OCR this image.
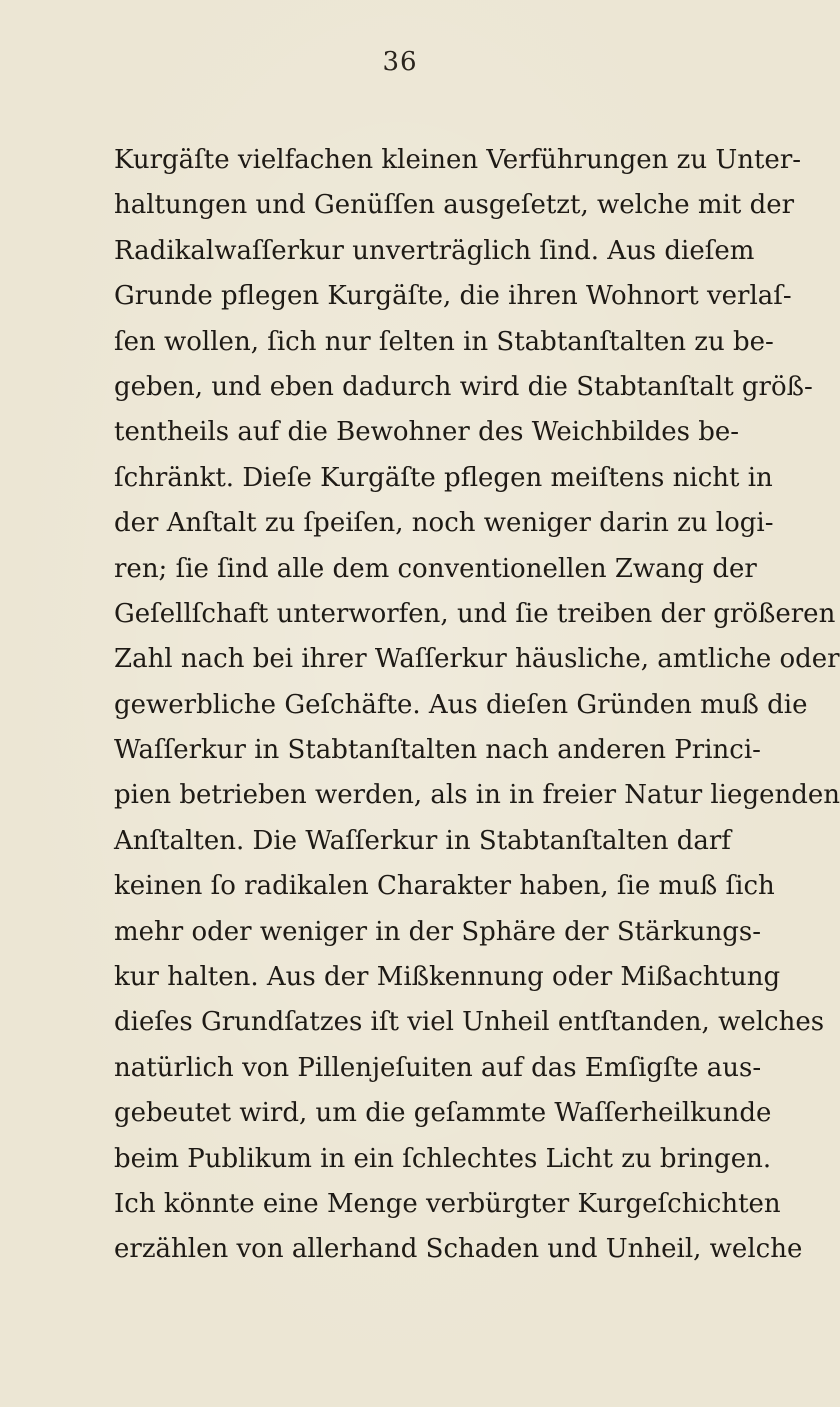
36
Kurgäſte vielfachen kleinen Verführungen zu Unter-
haltungen und Genüſſen ausgeſetzt, welche mit der
Radikalwaſſerkur unverträglich ſind. Aus dieſem
Grunde pflegen Kurgäſte, die ihren Wohnort verlaſ-
ſen wollen, ſich nur ſelten in Stabtanſtalten zu be-
geben, und eben dadurch wird die Stabtanſtalt größ-
tentheils auf die Bewohner des Weichbildes be-
ſchränkt. Dieſe Kurgäſte pflegen meiſtens nicht in
der Anſtalt zu ſpeiſen, noch weniger darin zu logi-
ren; ſie ſind alle dem conventionellen Zwang der
Geſellſchaft unterworfen, und ſie treiben der größeren
Zahl nach bei ihrer Waſſerkur häusliche, amtliche oder
gewerbliche Geſchäfte. Aus dieſen Gründen muß die
Waſſerkur in Stabtanſtalten nach anderen Princi-
pien betrieben werden, als in in freier Natur liegenden
Anſtalten. Die Waſſerkur in Stabtanſtalten darf
keinen ſo radikalen Charakter haben, ſie muß ſich
mehr oder weniger in der Sphäre der Stärkungs-
kur halten. Aus der Mißkennung oder Mißachtung
dieſes Grundſatzes iſt viel Unheil entſtanden, welches
natürlich von Pillenjeſuiten auf das Emſigſte aus-
gebeutet wird, um die geſammte Waſſerheilkunde
beim Publikum in ein ſchlechtes Licht zu bringen.
Ich könnte eine Menge verbürgter Kurgeſchichten
erzählen von allerhand Schaden und Unheil, welche
